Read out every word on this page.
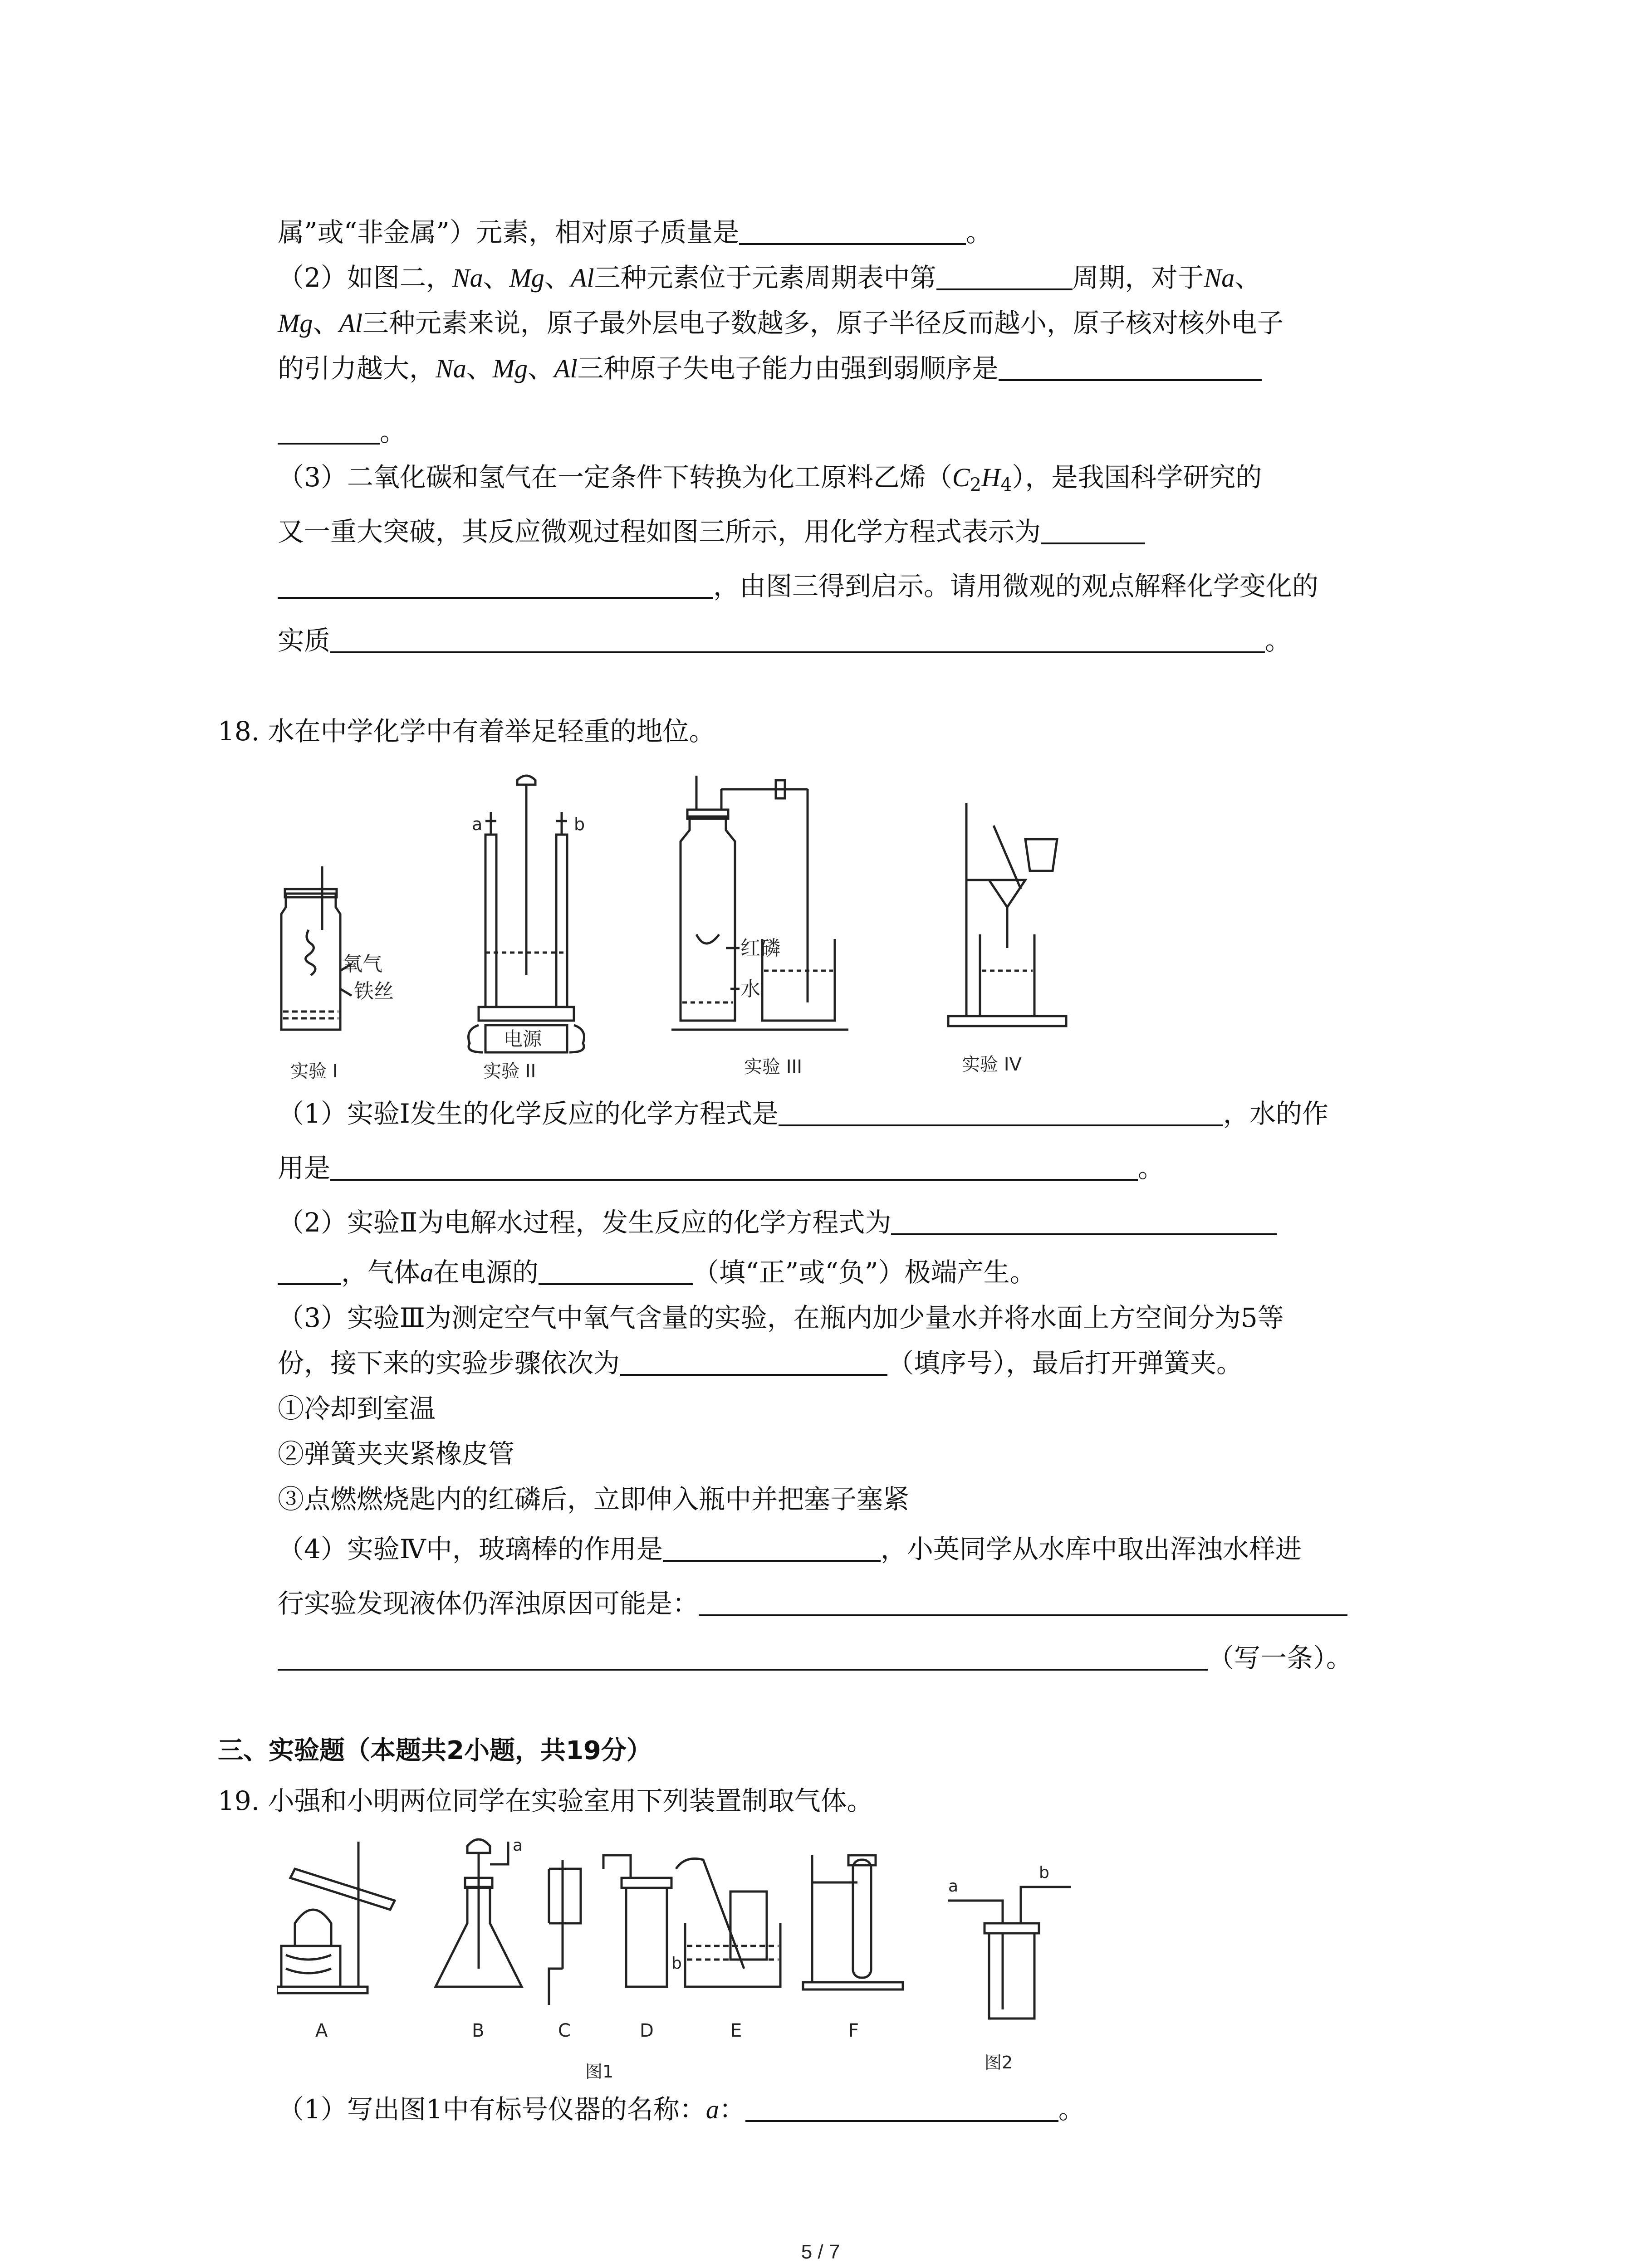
属”或“非金属”）元素，相对原子质量是	。
（2）如图二，Na、Mg、Al三种元素位于元素周期表中第	周期，对于Na、
Mg、Al三种元素来说，原子最外层电子数越多，原子半径反而越小，原子核对核外电子
的引力越大，Na、Mg、Al三种原子失电子能力由强到弱顺序是
。
（3）二氧化碳和氢气在一定条件下转换为化工原料乙烯$(C_2H_4)$，是我国科学研究的
又一重大突破，其反应微观过程如图三所示，用化学方程式表示为
，由图三得到启示。请用微观的观点解释化学变化的
实质	。
18. 水在中学化学中有着举足轻重的地位。
氧气
铁丝
实验 I
a	b
电源
实验 II
红磷
水
实验 III	实验 IV
（1）实验Ⅰ发生的化学反应的化学方程式是	，水的作
用是	。
（2）实验Ⅱ为电解水过程，发生反应的化学方程式为
，气体a在电源的	（填“正”或“负”）极端产生。
（3）实验Ⅲ为测定空气中氧气含量的实验，在瓶内加少量水并将水面上方空间分为5等
份，接下来的实验步骤依次为	（填序号），最后打开弹簧夹。
①冷却到室温
②弹簧夹夹紧橡皮管
③点燃燃烧匙内的红磷后，立即伸入瓶中并把塞子塞紧
（4）实验Ⅳ中，玻璃棒的作用是	，小英同学从水库中取出浑浊水样进
行实验发现液体仍浑浊原因可能是：
（写一条）。
三、实验题（本题共2小题，共19分）
19. 小强和小明两位同学在实验室用下列装置制取气体。
A	B	C	D	E	F
a
b
a
b
图1	图2
（1）写出图1中有标号仪器的名称：a：	。
5 / 7
